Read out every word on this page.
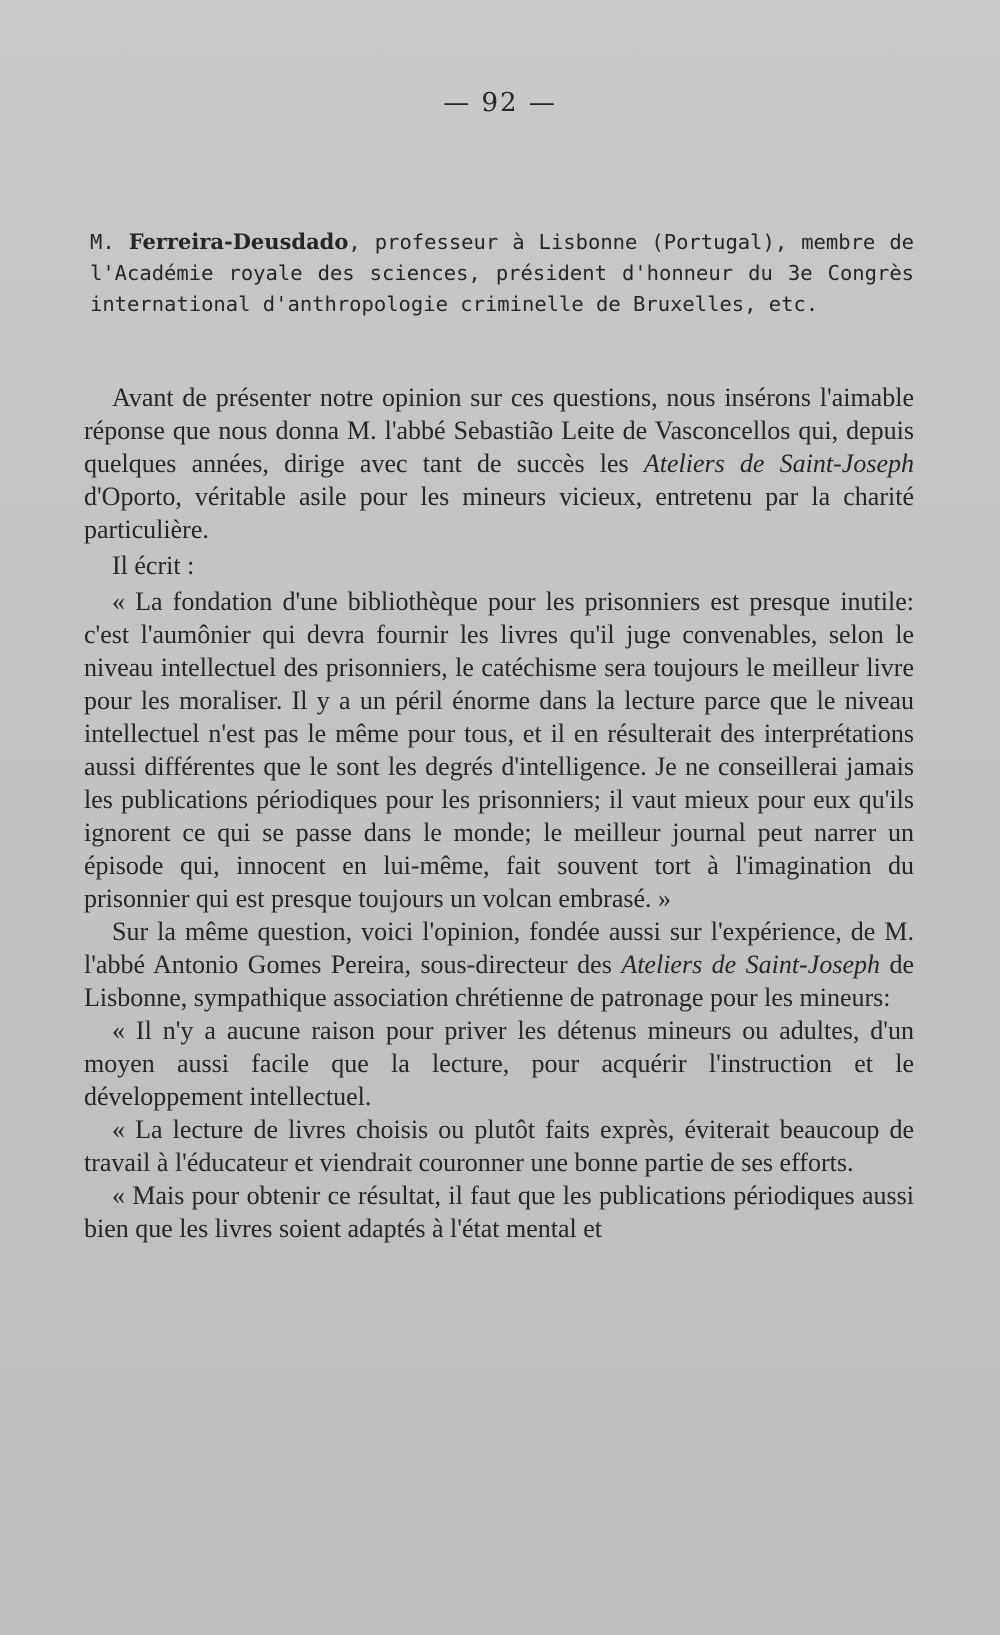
— 92 —
M. Ferreira-Deusdado, professeur à Lisbonne (Portugal), membre de l'Académie royale des sciences, président d'honneur du 3e Congrès international d'anthropologie criminelle de Bruxelles, etc.

Avant de présenter notre opinion sur ces questions, nous insérons l'aimable réponse que nous donna M. l'abbé Sebastião Leite de Vasconcellos qui, depuis quelques années, dirige avec tant de succès les Ateliers de Saint-Joseph d'Oporto, véritable asile pour les mineurs vicieux, entretenu par la charité particulière.

Il écrit :

« La fondation d'une bibliothèque pour les prisonniers est presque inutile: c'est l'aumônier qui devra fournir les livres qu'il juge convenables, selon le niveau intellectuel des prisonniers, le catéchisme sera toujours le meilleur livre pour les moraliser. Il y a un péril énorme dans la lecture parce que le niveau intellectuel n'est pas le même pour tous, et il en résulterait des interprétations aussi différentes que le sont les degrés d'intelligence. Je ne conseillerai jamais les publications périodiques pour les prisonniers; il vaut mieux pour eux qu'ils ignorent ce qui se passe dans le monde; le meilleur journal peut narrer un épisode qui, innocent en lui-même, fait souvent tort à l'imagination du prisonnier qui est presque toujours un volcan embrasé. »

Sur la même question, voici l'opinion, fondée aussi sur l'expérience, de M. l'abbé Antonio Gomes Pereira, sous-directeur des Ateliers de Saint-Joseph de Lisbonne, sympathique association chrétienne de patronage pour les mineurs:

« Il n'y a aucune raison pour priver les détenus mineurs ou adultes, d'un moyen aussi facile que la lecture, pour acquérir l'instruction et le développement intellectuel.

« La lecture de livres choisis ou plutôt faits exprès, éviterait beaucoup de travail à l'éducateur et viendrait couronner une bonne partie de ses efforts.

« Mais pour obtenir ce résultat, il faut que les publications périodiques aussi bien que les livres soient adaptés à l'état mental et
